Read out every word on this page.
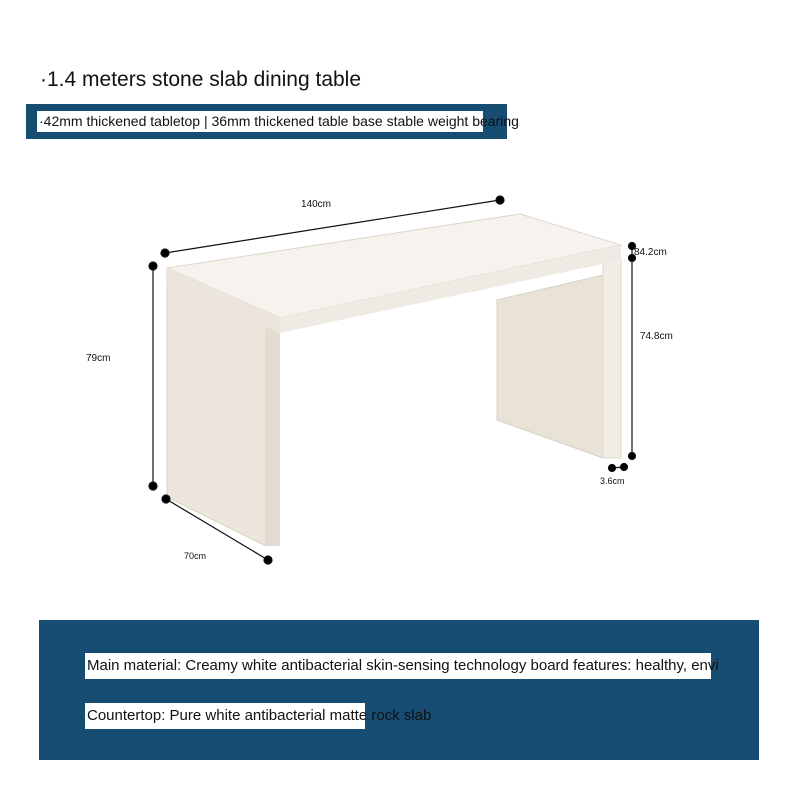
·1.4 meters stone slab dining table
·42mm thickened tabletop | 36mm thickened table base stable weight bearing
140cm
84.2cm
74.8cm
79cm
70cm
3.6cm
Main material: Creamy white antibacterial skin-sensing technology board features: healthy, envi
Countertop: Pure white antibacterial matte rock slab
